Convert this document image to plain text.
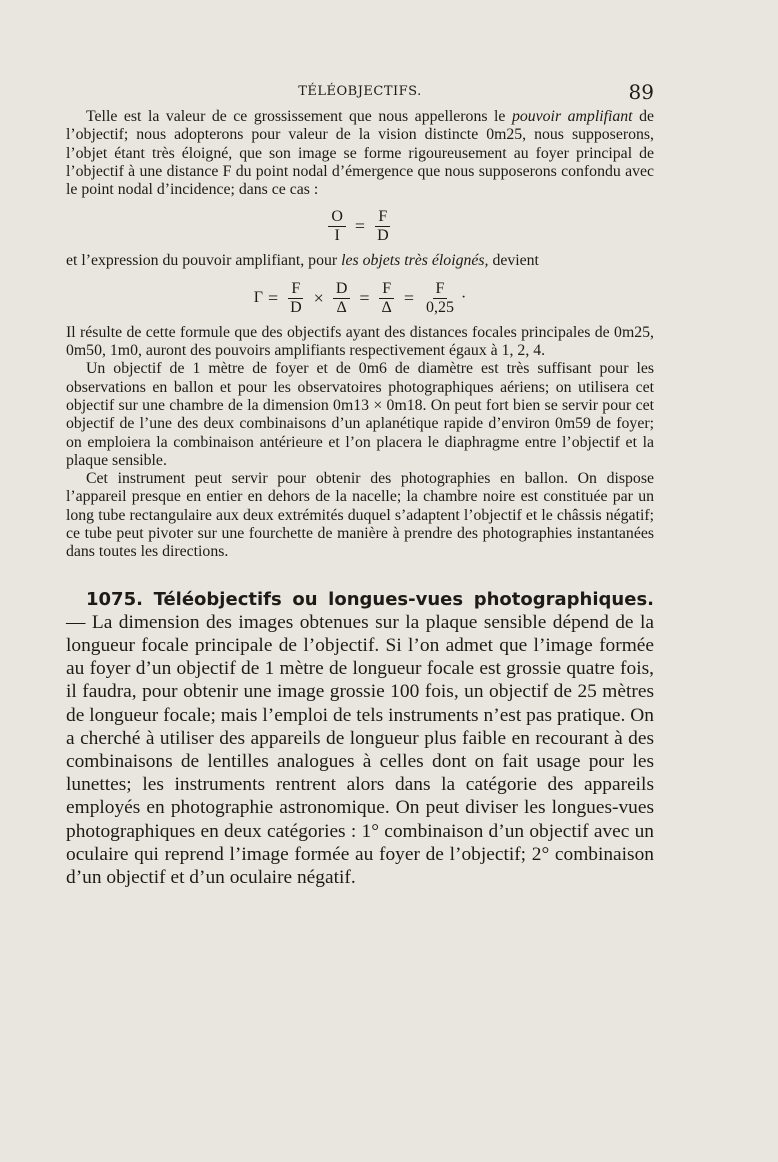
TÉLÉOBJECTIFS.	89

Telle est la valeur de ce grossissement que nous appellerons le pouvoir amplifiant de l’objectif; nous adopterons pour valeur de la vision distincte 0m25, nous supposerons, l’objet étant très éloigné, que son image se forme rigoureusement au foyer principal de l’objectif à une distance F du point nodal d’émergence que nous supposerons confondu avec le point nodal d’incidence; dans ce cas :

$\frac{O}{I} = \frac{F}{D}$

et l’expression du pouvoir amplifiant, pour les objets très éloignés, devient

$\Gamma = \frac{F}{D} \times \frac{D}{\Delta} = \frac{F}{\Delta} = \frac{F}{0,25}$ ·

Il résulte de cette formule que des objectifs ayant des distances focales principales de 0m25, 0m50, 1m0, auront des pouvoirs amplifiants respectivement égaux à 1, 2, 4.

Un objectif de 1 mètre de foyer et de 0m6 de diamètre est très suffisant pour les observations en ballon et pour les observatoires photographiques aériens; on utilisera cet objectif sur une chambre de la dimension 0m13 × 0m18. On peut fort bien se servir pour cet objectif de l’une des deux combinaisons d’un aplanétique rapide d’environ 0m59 de foyer; on emploiera la combinaison antérieure et l’on placera le diaphragme entre l’objectif et la plaque sensible.

Cet instrument peut servir pour obtenir des photographies en ballon. On dispose l’appareil presque en entier en dehors de la nacelle; la chambre noire est constituée par un long tube rectangulaire aux deux extrémités duquel s’adaptent l’objectif et le châssis négatif; ce tube peut pivoter sur une fourchette de manière à prendre des photographies instantanées dans toutes les directions.

1075. Téléobjectifs ou longues-vues photographiques. — La dimension des images obtenues sur la plaque sensible dépend de la longueur focale principale de l’objectif. Si l’on admet que l’image formée au foyer d’un objectif de 1 mètre de longueur focale est grossie quatre fois, il faudra, pour obtenir une image grossie 100 fois, un objectif de 25 mètres de longueur focale; mais l’emploi de tels instruments n’est pas pratique. On a cherché à utiliser des appareils de longueur plus faible en recourant à des combinaisons de lentilles analogues à celles dont on fait usage pour les lunettes; les instruments rentrent alors dans la catégorie des appareils employés en photographie astronomique. On peut diviser les longues-vues photographiques en deux catégories : 1° combinaison d’un objectif avec un oculaire qui reprend l’image formée au foyer de l’objectif; 2° combinaison d’un objectif et d’un oculaire négatif.
